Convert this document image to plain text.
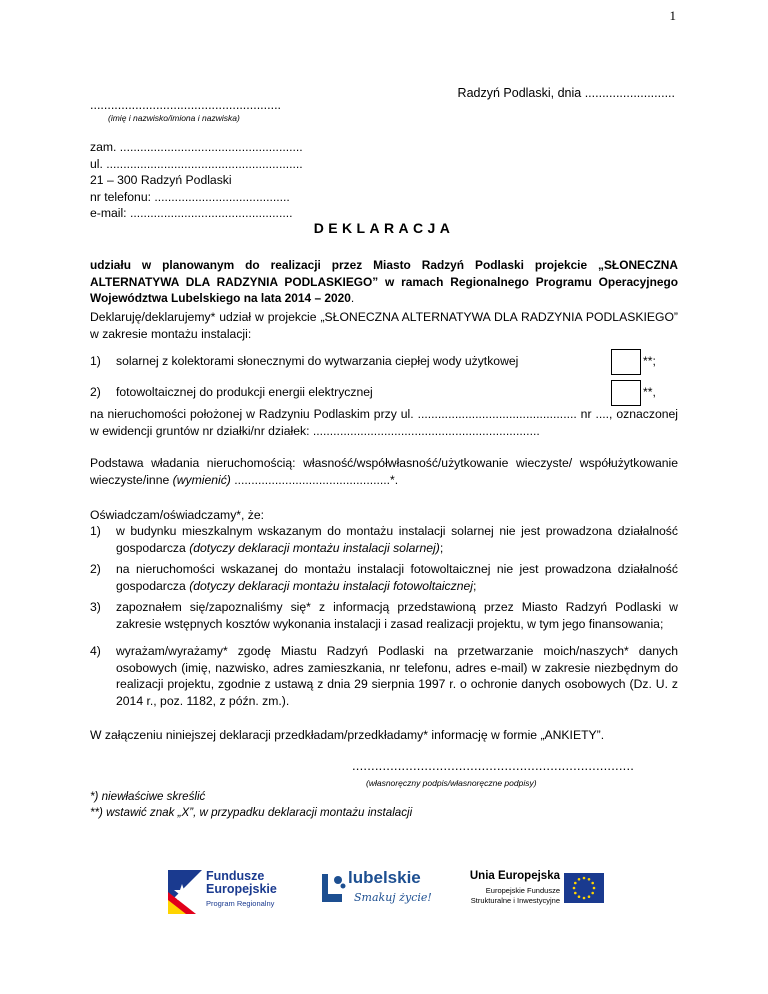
1
Radzyń Podlaski, dnia ..........................
.......................................................
(imię i nazwisko/imiona i nazwiska)
zam. ......................................................
ul. ..........................................................
21 – 300 Radzyń Podlaski
nr telefonu: ........................................
e-mail: ................................................
DEKLARACJA
udziału w planowanym do realizacji przez Miasto Radzyń Podlaski projekcie „SŁONECZNA ALTERNATYWA DLA RADZYNIA PODLASKIEGO” w ramach Regionalnego Programu Operacyjnego Województwa Lubelskiego na lata 2014 – 2020.
Deklaruję/deklarujemy* udział w projekcie „SŁONECZNA ALTERNATYWA DLA RADZYNIA PODLASKIEGO” w zakresie montażu instalacji:
1) solarnej z kolektorami słonecznymi do wytwarzania ciepłej wody użytkowej	**;
2) fotowoltaicznej do produkcji energii elektrycznej	**,
na nieruchomości położonej w Radzyniu Podlaskim przy ul. ............................................... nr ...., oznaczonej w ewidencji gruntów nr działki/nr działek: ...................................................................
Podstawa władania nieruchomością: własność/współwłasność/użytkowanie wieczyste/ współużytkowanie wieczyste/inne (wymienić) ..............................................*.
Oświadczam/oświadczamy*, że:
1) w budynku mieszkalnym wskazanym do montażu instalacji solarnej nie jest prowadzona działalność gospodarcza (dotyczy deklaracji montażu instalacji solarnej);
2) na nieruchomości wskazanej do montażu instalacji fotowoltaicznej nie jest prowadzona działalność gospodarcza (dotyczy deklaracji montażu instalacji fotowoltaicznej;
3) zapoznałem się/zapoznaliśmy się* z informacją przedstawioną przez Miasto Radzyń Podlaski w zakresie wstępnych kosztów wykonania instalacji i zasad realizacji projektu, w tym jego finansowania;
4) wyrażam/wyrażamy* zgodę Miastu Radzyń Podlaski na przetwarzanie moich/naszych* danych osobowych (imię, nazwisko, adres zamieszkania, nr telefonu, adres e-mail) w zakresie niezbędnym do realizacji projektu, zgodnie z ustawą z dnia 29 sierpnia 1997 r. o ochronie danych osobowych (Dz. U. z 2014 r., poz. 1182, z późn. zm.).
W załączeniu niniejszej deklaracji przedkładam/przedkładamy* informację w formie „ANKIETY”.
..........................................................................
(własnoręczny podpis/własnoręczne podpisy)
*) niewłaściwe skreślić
**) wstawić znak „X”, w przypadku deklaracji montażu instalacji
Fundusze
Europejskie
Program Regionalny
lubelskie
Smakuj życie!
Unia Europejska
Europejskie Fundusze
Strukturalne i Inwestycyjne
